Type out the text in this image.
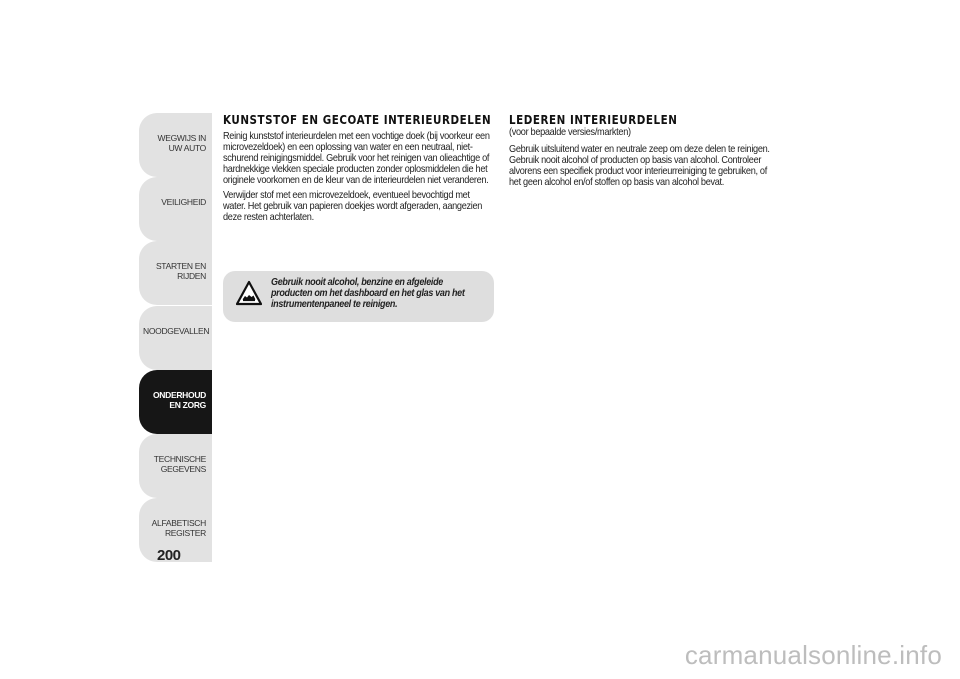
WEGWIJS IN UW AUTO
VEILIGHEID
STARTEN EN RIJDEN
NOODGEVALLEN
ONDERHOUD EN ZORG
TECHNISCHE GEGEVENS
ALFABETISCH REGISTER
200
KUNSTSTOF EN GECOATE INTERIEURDELEN

Reinig kunststof interieurdelen met een vochtige doek (bij voorkeur een microvezeldoek) en een oplossing van water en een neutraal, niet-schurend reinigingsmiddel. Gebruik voor het reinigen van olieachtige of hardnekkige vlekken speciale producten zonder oplosmiddelen die het originele voorkomen en de kleur van de interieurdelen niet veranderen.

Verwijder stof met een microvezeldoek, eventueel bevochtigd met water. Het gebruik van papieren doekjes wordt afgeraden, aangezien deze resten achterlaten.

Gebruik nooit alcohol, benzine en afgeleide producten om het dashboard en het glas van het instrumentenpaneel te reinigen.
LEDEREN INTERIEURDELEN
(voor bepaalde versies/markten)

Gebruik uitsluitend water en neutrale zeep om deze delen te reinigen. Gebruik nooit alcohol of producten op basis van alcohol. Controleer alvorens een specifiek product voor interieurreiniging te gebruiken, of het geen alcohol en/of stoffen op basis van alcohol bevat.

carmanualsonline.info
